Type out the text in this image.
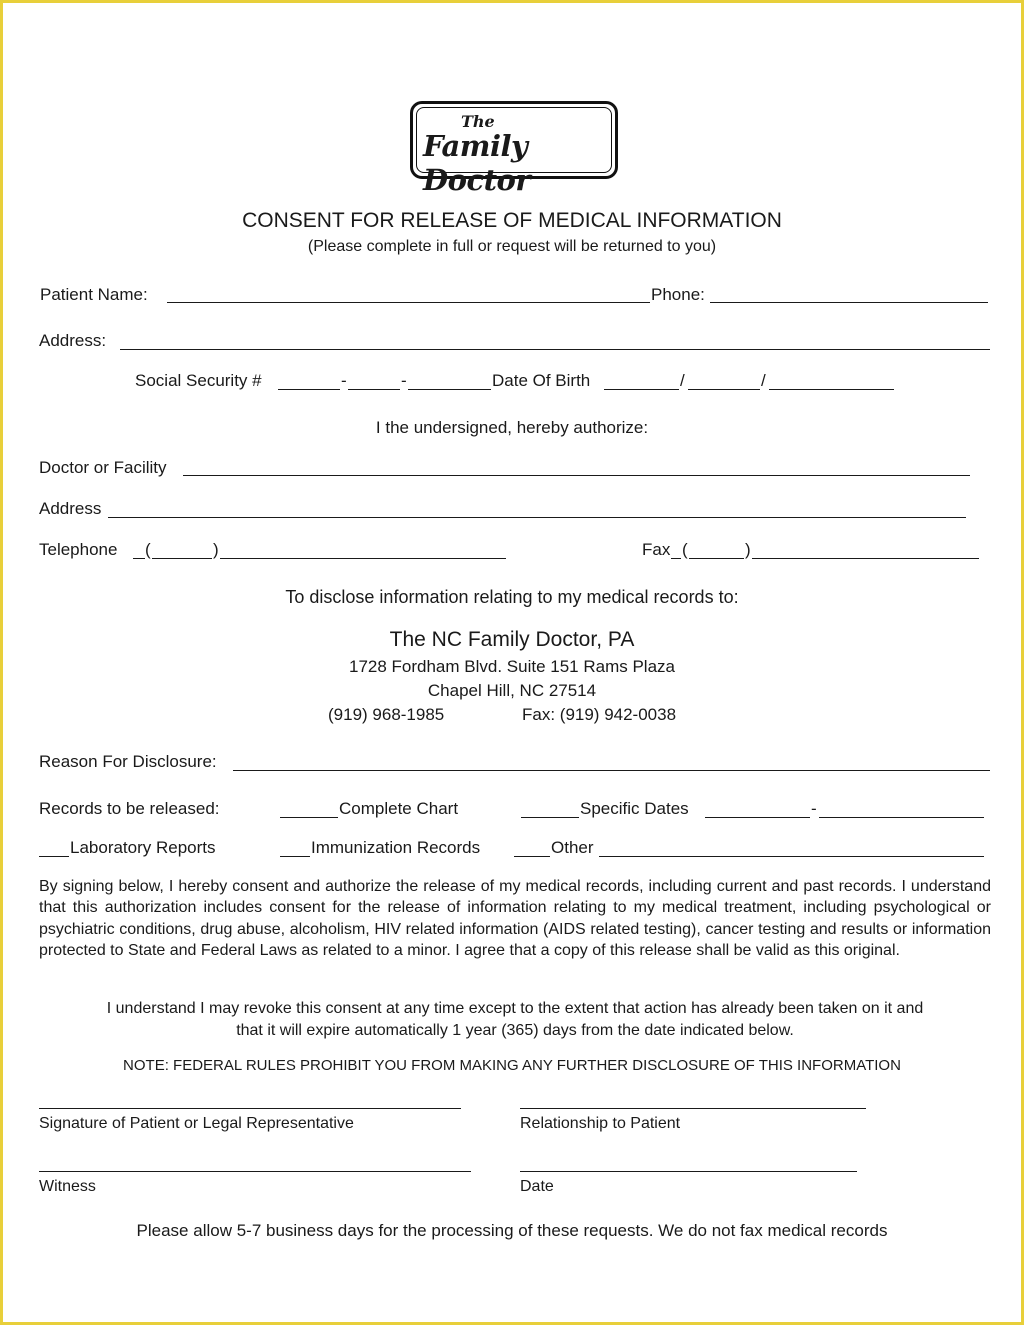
The
Family Doctor
CONSENT FOR RELEASE OF MEDICAL INFORMATION
(Please complete in full or request will be returned to you)
Patient Name:	Phone:
Address:
Social Security #	-	-	Date Of Birth	/	/
I the undersigned, hereby authorize:
Doctor or Facility
Address
Telephone (	)	Fax (	)
To disclose information relating to my medical records to:
The NC Family Doctor, PA
1728 Fordham Blvd. Suite 151 Rams Plaza
Chapel Hill, NC 27514
(919) 968-1985	Fax: (919) 942-0038
Reason For Disclosure:
Records to be released:	Complete Chart	Specific Dates	-
Laboratory Reports	Immunization Records	Other
By signing below, I hereby consent and authorize the release of my medical records, including current and past records. I understand that this authorization includes consent for the release of information relating to my medical treatment, including psychological or psychiatric conditions, drug abuse, alcoholism, HIV related information (AIDS related testing), cancer testing and results or information protected to State and Federal Laws as related to a minor. I agree that a copy of this release shall be valid as this original.
I understand I may revoke this consent at any time except to the extent that action has already been taken on it and that it will expire automatically 1 year (365) days from the date indicated below.
NOTE: FEDERAL RULES PROHIBIT YOU FROM MAKING ANY FURTHER DISCLOSURE OF THIS INFORMATION
Signature of Patient or Legal Representative	Relationship to Patient
Witness	Date
Please allow 5-7 business days for the processing of these requests. We do not fax medical records
